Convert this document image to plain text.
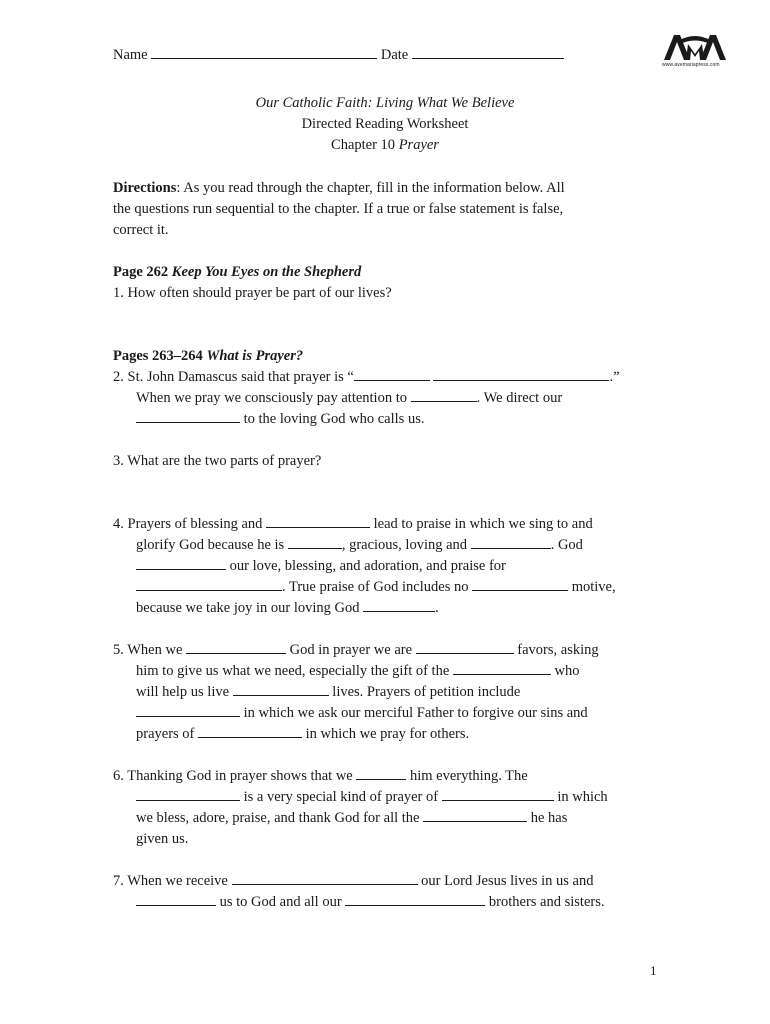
Name	Date
www.avemariapress.com
Our Catholic Faith: Living What We Believe
Directed Reading Worksheet
Chapter 10 Prayer
Directions: As you read through the chapter, fill in the information below. All
the questions run sequential to the chapter. If a true or false statement is false,
correct it.
Page 262 Keep You Eyes on the Shepherd
1. How often should prayer be part of our lives?
Pages 263–264 What is Prayer?
2. St. John Damascus said that prayer is “	.”
When we pray we consciously pay attention to	. We direct our
to the loving God who calls us.
3. What are the two parts of prayer?
4. Prayers of blessing and	lead to praise in which we sing to and
glorify God because he is	, gracious, loving and	. God
our love, blessing, and adoration, and praise for
. True praise of God includes no	motive,
because we take joy in our loving God	.
5. When we	God in prayer we are	favors, asking
him to give us what we need, especially the gift of the	who
will help us live	lives. Prayers of petition include
in which we ask our merciful Father to forgive our sins and
prayers of	in which we pray for others.
6. Thanking God in prayer shows that we	him everything. The
is a very special kind of prayer of	in which
we bless, adore, praise, and thank God for all the	he has
given us.
7. When we receive	our Lord Jesus lives in us and
us to God and all our	brothers and sisters.
1
